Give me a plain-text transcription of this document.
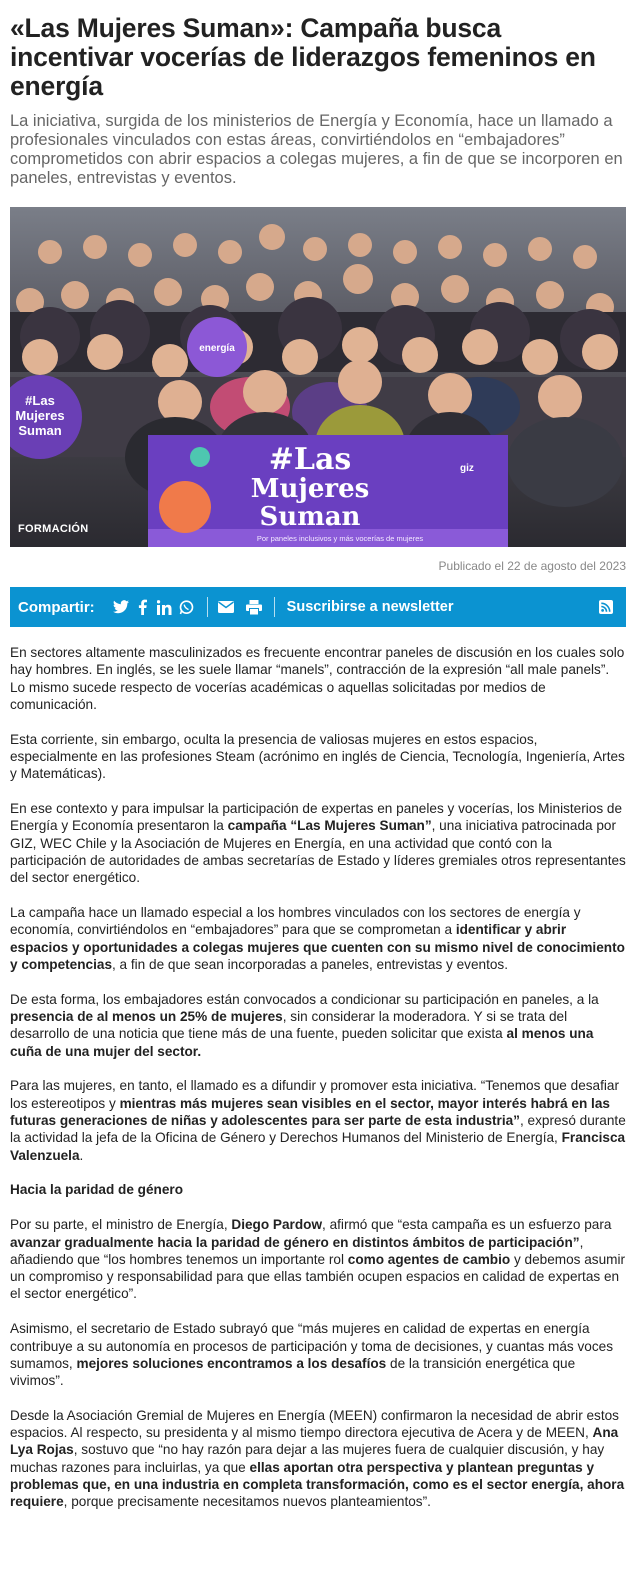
«Las Mujeres Suman»: Campaña busca incentivar vocerías de liderazgos femeninos en energía
La iniciativa, surgida de los ministerios de Energía y Economía, hace un llamado a profesionales vinculados con estas áreas, convirtiéndolos en “embajadores” comprometidos con abrir espacios a colegas mujeres, a fin de que se incorporen en paneles, entrevistas y eventos.
#Las
Mujeres
Suman
energía
#Las
Mujeres
Suman
Por paneles inclusivos y más vocerías de mujeres
giz
FORMACIÓN
Publicado el 22 de agosto del 2023
Compartir:	Suscribirse a newsletter

En sectores altamente masculinizados es frecuente encontrar paneles de discusión en los cuales solo hay hombres. En inglés, se les suele llamar “manels”, contracción de la expresión “all male panels”. Lo mismo sucede respecto de vocerías académicas o aquellas solicitadas por medios de comunicación.

Esta corriente, sin embargo, oculta la presencia de valiosas mujeres en estos espacios, especialmente en las profesiones Steam (acrónimo en inglés de Ciencia, Tecnología, Ingeniería, Artes y Matemáticas).

En ese contexto y para impulsar la participación de expertas en paneles y vocerías, los Ministerios de Energía y Economía presentaron la campaña “Las Mujeres Suman”, una iniciativa patrocinada por GIZ, WEC Chile y la Asociación de Mujeres en Energía, en una actividad que contó con la participación de autoridades de ambas secretarías de Estado y líderes gremiales otros representantes del sector energético.

La campaña hace un llamado especial a los hombres vinculados con los sectores de energía y economía, convirtiéndolos en “embajadores” para que se comprometan a identificar y abrir espacios y oportunidades a colegas mujeres que cuenten con su mismo nivel de conocimiento y competencias, a fin de que sean incorporadas a paneles, entrevistas y eventos.

De esta forma, los embajadores están convocados a condicionar su participación en paneles, a la presencia de al menos un 25% de mujeres, sin considerar la moderadora. Y si se trata del desarrollo de una noticia que tiene más de una fuente, pueden solicitar que exista al menos una cuña de una mujer del sector.

Para las mujeres, en tanto, el llamado es a difundir y promover esta iniciativa. “Tenemos que desafiar los estereotipos y mientras más mujeres sean visibles en el sector, mayor interés habrá en las futuras generaciones de niñas y adolescentes para ser parte de esta industria”, expresó durante la actividad la jefa de la Oficina de Género y Derechos Humanos del Ministerio de Energía, Francisca Valenzuela.

Hacia la paridad de género

Por su parte, el ministro de Energía, Diego Pardow, afirmó que “esta campaña es un esfuerzo para avanzar gradualmente hacia la paridad de género en distintos ámbitos de participación”, añadiendo que “los hombres tenemos un importante rol como agentes de cambio y debemos asumir un compromiso y responsabilidad para que ellas también ocupen espacios en calidad de expertas en el sector energético”.

Asimismo, el secretario de Estado subrayó que “más mujeres en calidad de expertas en energía contribuye a su autonomía en procesos de participación y toma de decisiones, y cuantas más voces sumamos, mejores soluciones encontramos a los desafíos de la transición energética que vivimos”.

Desde la Asociación Gremial de Mujeres en Energía (MEEN) confirmaron la necesidad de abrir estos espacios. Al respecto, su presidenta y al mismo tiempo directora ejecutiva de Acera y de MEEN, Ana Lya Rojas, sostuvo que “no hay razón para dejar a las mujeres fuera de cualquier discusión, y hay muchas razones para incluirlas, ya que ellas aportan otra perspectiva y plantean preguntas y problemas que, en una industria en completa transformación, como es el sector energía, ahora requiere, porque precisamente necesitamos nuevos planteamientos”.
